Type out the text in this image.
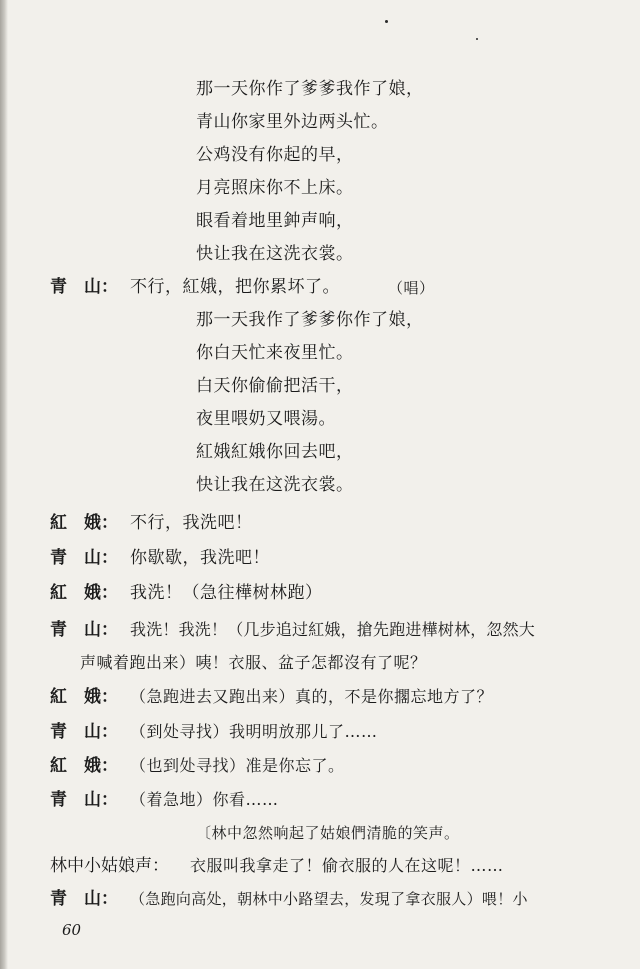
那一天你作了爹爹我作了娘，
青山你家里外边两头忙。
公鸡没有你起的早，
月亮照床你不上床。
眼看着地里鈡声响，
快让我在这洗衣裳。
青　山： 不行，紅娥，把你累坏了。	（唱）
那一天我作了爹爹你作了娘，
你白天忙来夜里忙。
白天你偷偷把活干，
夜里喂奶又喂湯。
紅娥紅娥你回去吧，
快让我在这洗衣裳。
紅　娥： 不行，我洗吧！
青　山： 你歇歇，我洗吧！
紅　娥： 我洗！（急往樺树林跑）
青　山： 我洗！我洗！（几步追过紅娥，搶先跑进樺树林，忽然大
声喊着跑出来）咦！衣服、盆子怎都沒有了呢？
紅　娥： （急跑进去又跑出来）真的，不是你擱忘地方了？
青　山： （到处寻找）我明明放那儿了……
紅　娥： （也到处寻找）准是你忘了。
青　山： （着急地）你看……
〔林中忽然响起了姑娘們清脆的笑声。
林中小姑娘声： 衣服叫我拿走了！偷衣服的人在这呢！……
青　山： （急跑向高处，朝林中小路望去，发現了拿衣服人）喂！小
60
